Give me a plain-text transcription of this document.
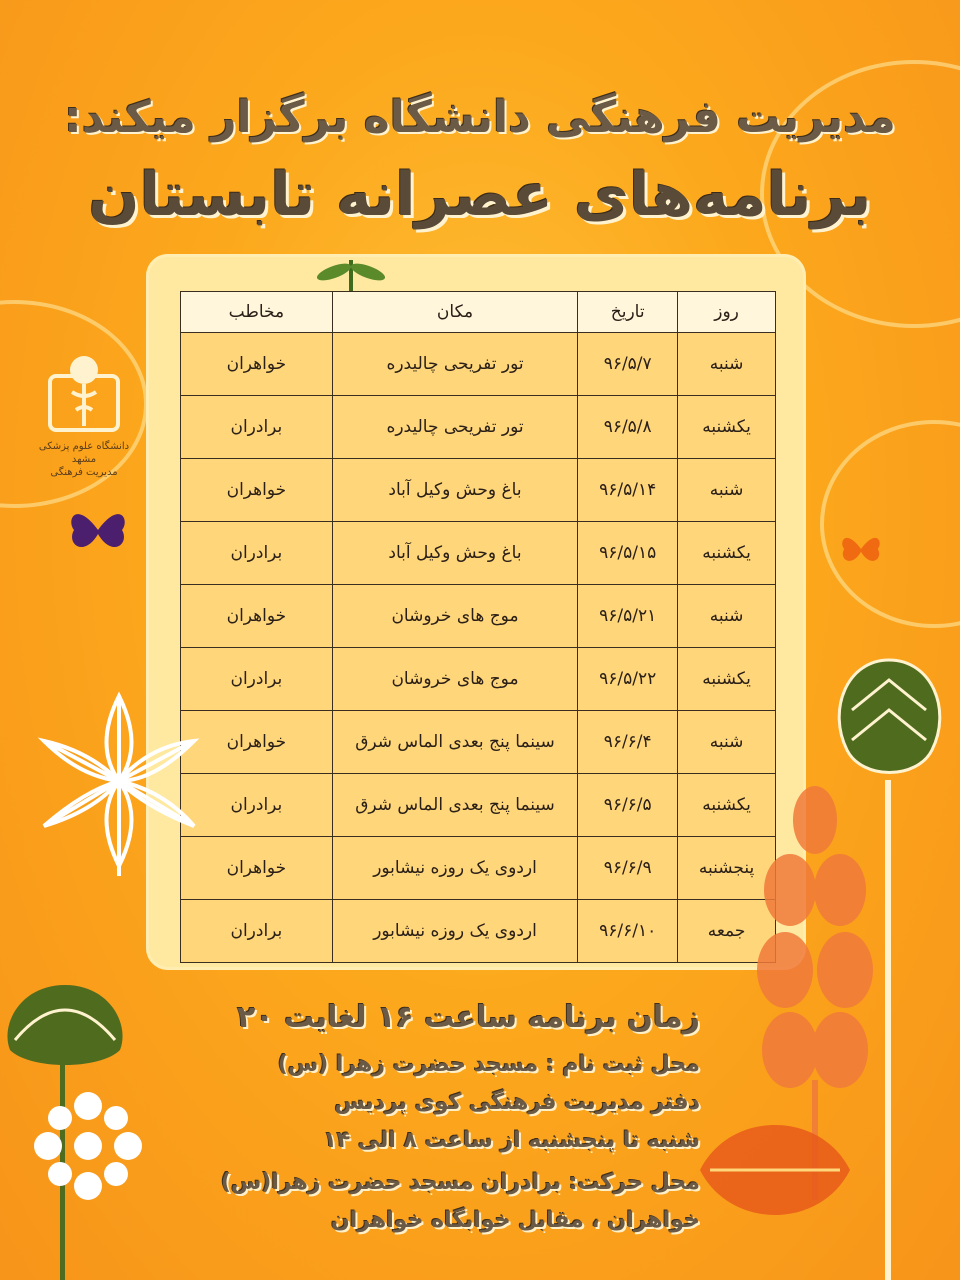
مدیریت فرهنگی دانشگاه برگزار میکند:
برنامه‌های عصرانه تابستان
دانشگاه علوم پزشکی مشهد
مدیریت فرهنگی
روز	تاریخ	مکان	مخاطب
شنبه	۹۶/۵/۷	تور تفریحی چالیدره	خواهران
یکشنبه	۹۶/۵/۸	تور تفریحی چالیدره	برادران
شنبه	۹۶/۵/۱۴	باغ وحش وکیل آباد	خواهران
یکشنبه	۹۶/۵/۱۵	باغ وحش وکیل آباد	برادران
شنبه	۹۶/۵/۲۱	موج های خروشان	خواهران
یکشنبه	۹۶/۵/۲۲	موج های خروشان	برادران
شنبه	۹۶/۶/۴	سینما پنج بعدی الماس شرق	خواهران
یکشنبه	۹۶/۶/۵	سینما پنج بعدی الماس شرق	برادران
پنجشنبه	۹۶/۶/۹	اردوی یک روزه نیشابور	خواهران
جمعه	۹۶/۶/۱۰	اردوی یک روزه نیشابور	برادران
زمان برنامه ساعت ۱۶ لغایت ۲۰
محل ثبت نام : مسجد حضرت زهرا (س)
دفتر مدیریت فرهنگی کوی پردیس
شنبه تا پنجشنبه از ساعت ۸ الی ۱۴
محل حرکت: برادران مسجد حضرت زهرا(س)
خواهران ، مقابل خوابگاه خواهران
